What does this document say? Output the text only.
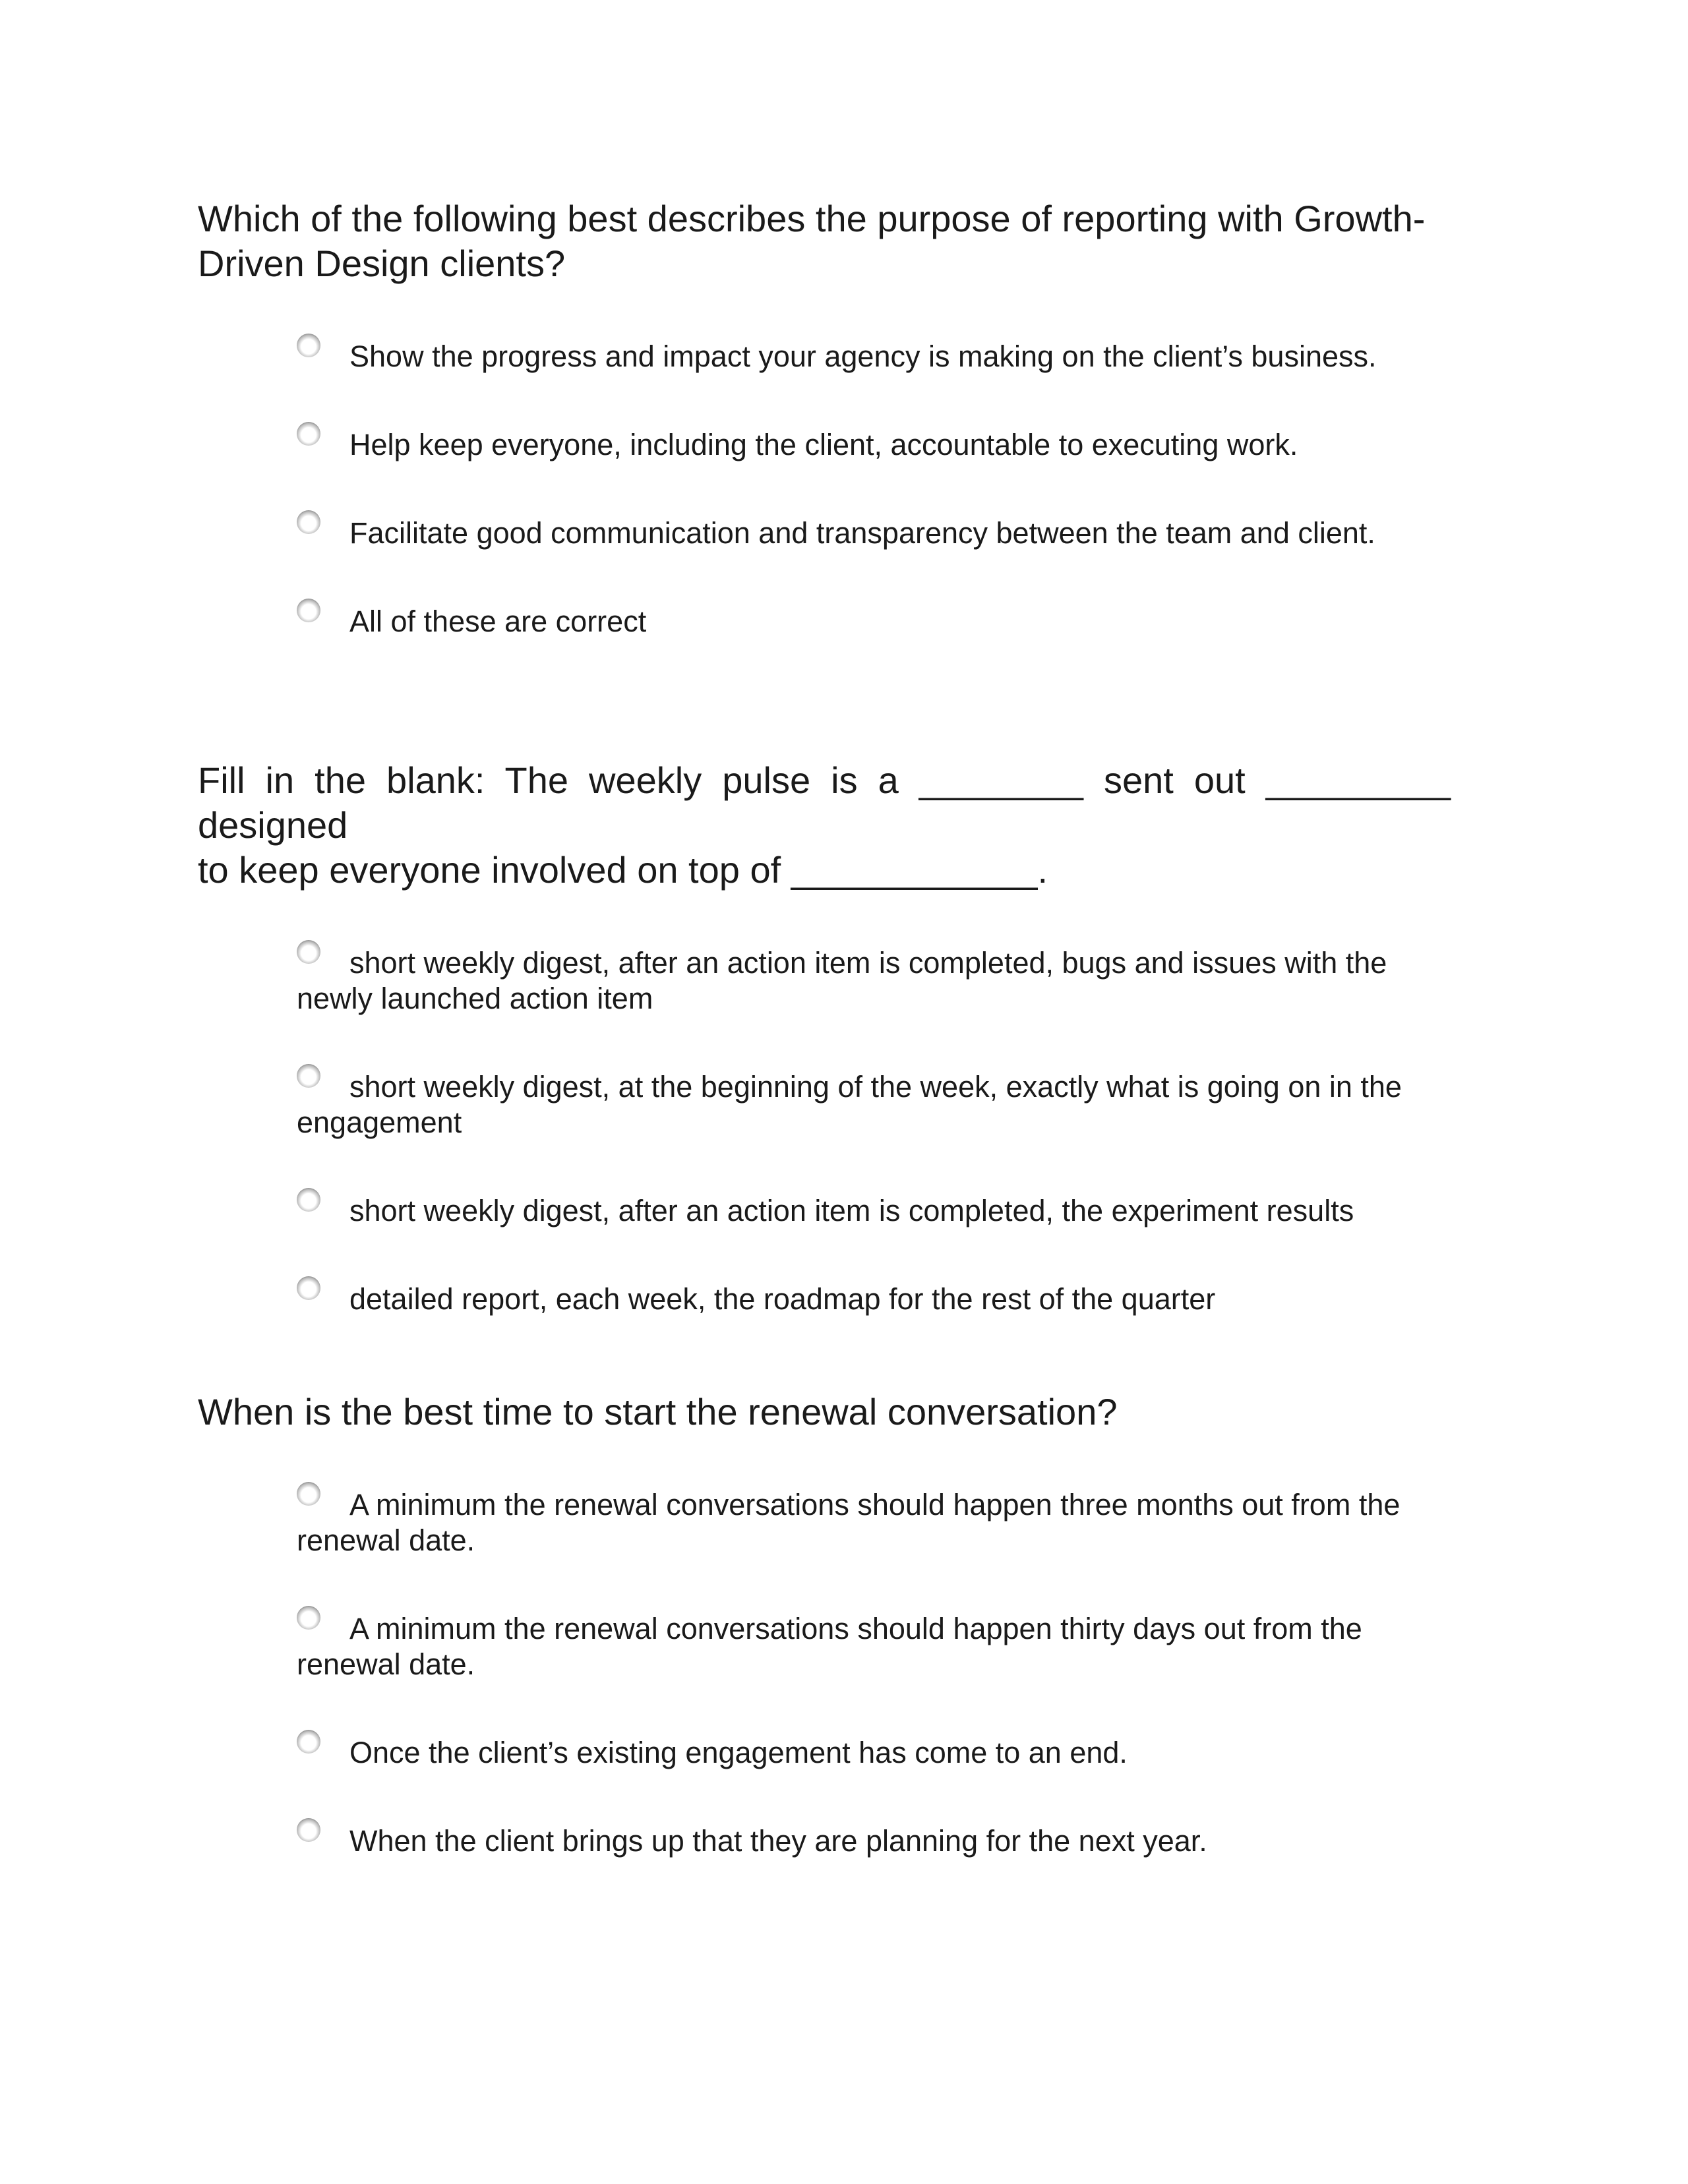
Which of the following best describes the purpose of reporting with Growth-
Driven Design clients?

Show the progress and impact your agency is making on the client’s business.
Help keep everyone, including the client, accountable to executing work.
Facilitate good communication and transparency between the team and client.
All of these are correct

Fill in the blank: The weekly pulse is a ________ sent out _________ designed
to keep everyone involved on top of ____________.

short weekly digest, after an action item is completed, bugs and issues with the newly launched action item
short weekly digest, at the beginning of the week, exactly what is going on in the engagement
short weekly digest, after an action item is completed, the experiment results
detailed report, each week, the roadmap for the rest of the quarter

When is the best time to start the renewal conversation?

A minimum the renewal conversations should happen three months out from the renewal date.
A minimum the renewal conversations should happen thirty days out from the renewal date.
Once the client’s existing engagement has come to an end.
When the client brings up that they are planning for the next year.
